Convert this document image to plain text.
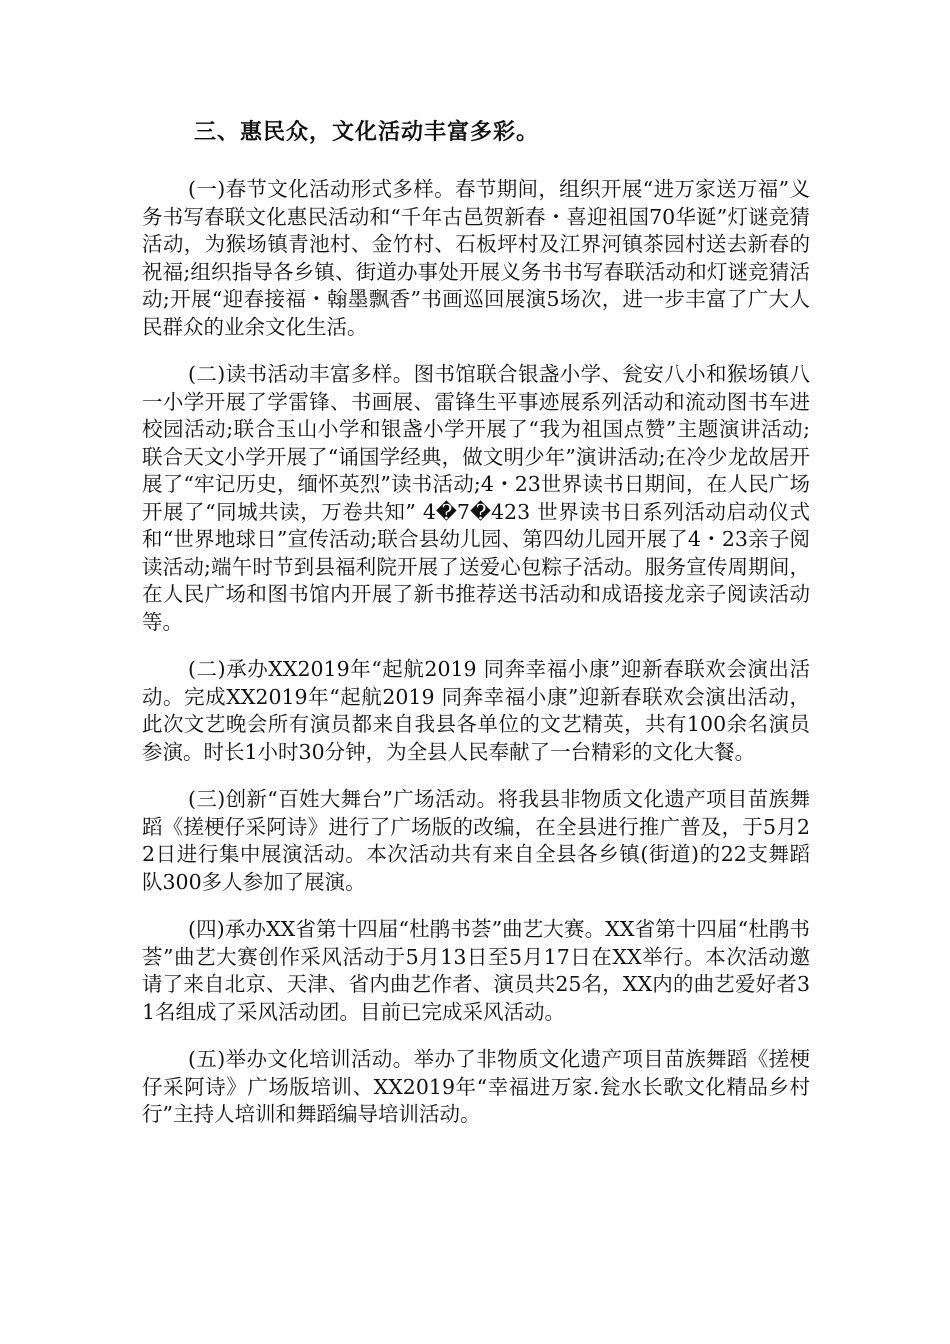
三、惠民众，文化活动丰富多彩。

(一)春节文化活动形式多样。春节期间，组织开展“进万家送万福”义务书写春联文化惠民活动和“千年古邑贺新春・喜迎祖国70华诞”灯谜竞猜活动，为猴场镇青池村、金竹村、石板坪村及江界河镇茶园村送去新春的祝福;组织指导各乡镇、街道办事处开展义务书书写春联活动和灯谜竞猜活动;开展“迎春接福・翰墨飘香”书画巡回展演5场次，进一步丰富了广大人民群众的业余文化生活。

(二)读书活动丰富多样。图书馆联合银盏小学、瓮安八小和猴场镇八一小学开展了学雷锋、书画展、雷锋生平事迹展系列活动和流动图书车进校园活动;联合玉山小学和银盏小学开展了“我为祖国点赞”主题演讲活动;联合天文小学开展了“诵国学经典，做文明少年”演讲活动;在冷少龙故居开展了“牢记历史，缅怀英烈”读书活动;4・23世界读书日期间，在人民广场开展了“同城共读，万卷共知” 4�7�423 世界读书日系列活动启动仪式和“世界地球日”宣传活动;联合县幼儿园、第四幼儿园开展了4・23亲子阅读活动;端午时节到县福利院开展了送爱心包粽子活动。服务宣传周期间，在人民广场和图书馆内开展了新书推荐送书活动和成语接龙亲子阅读活动等。

(二)承办XX2019年“起航2019 同奔幸福小康”迎新春联欢会演出活动。完成XX2019年“起航2019 同奔幸福小康”迎新春联欢会演出活动，此次文艺晚会所有演员都来自我县各单位的文艺精英，共有100余名演员参演。时长1小时30分钟，为全县人民奉献了一台精彩的文化大餐。

(三)创新“百姓大舞台”广场活动。将我县非物质文化遗产项目苗族舞蹈《搓梗仔采阿诗》进行了广场版的改编，在全县进行推广普及，于5月22日进行集中展演活动。本次活动共有来自全县各乡镇(街道)的22支舞蹈队300多人参加了展演。

(四)承办XX省第十四届“杜鹃书荟”曲艺大赛。XX省第十四届“杜鹃书荟”曲艺大赛创作采风活动于5月13日至5月17日在XX举行。本次活动邀请了来自北京、天津、省内曲艺作者、演员共25名，XX内的曲艺爱好者31名组成了采风活动团。目前已完成采风活动。

(五)举办文化培训活动。举办了非物质文化遗产项目苗族舞蹈《搓梗仔采阿诗》广场版培训、XX2019年“幸福进万家.瓮水长歌文化精品乡村行”主持人培训和舞蹈编导培训活动。
